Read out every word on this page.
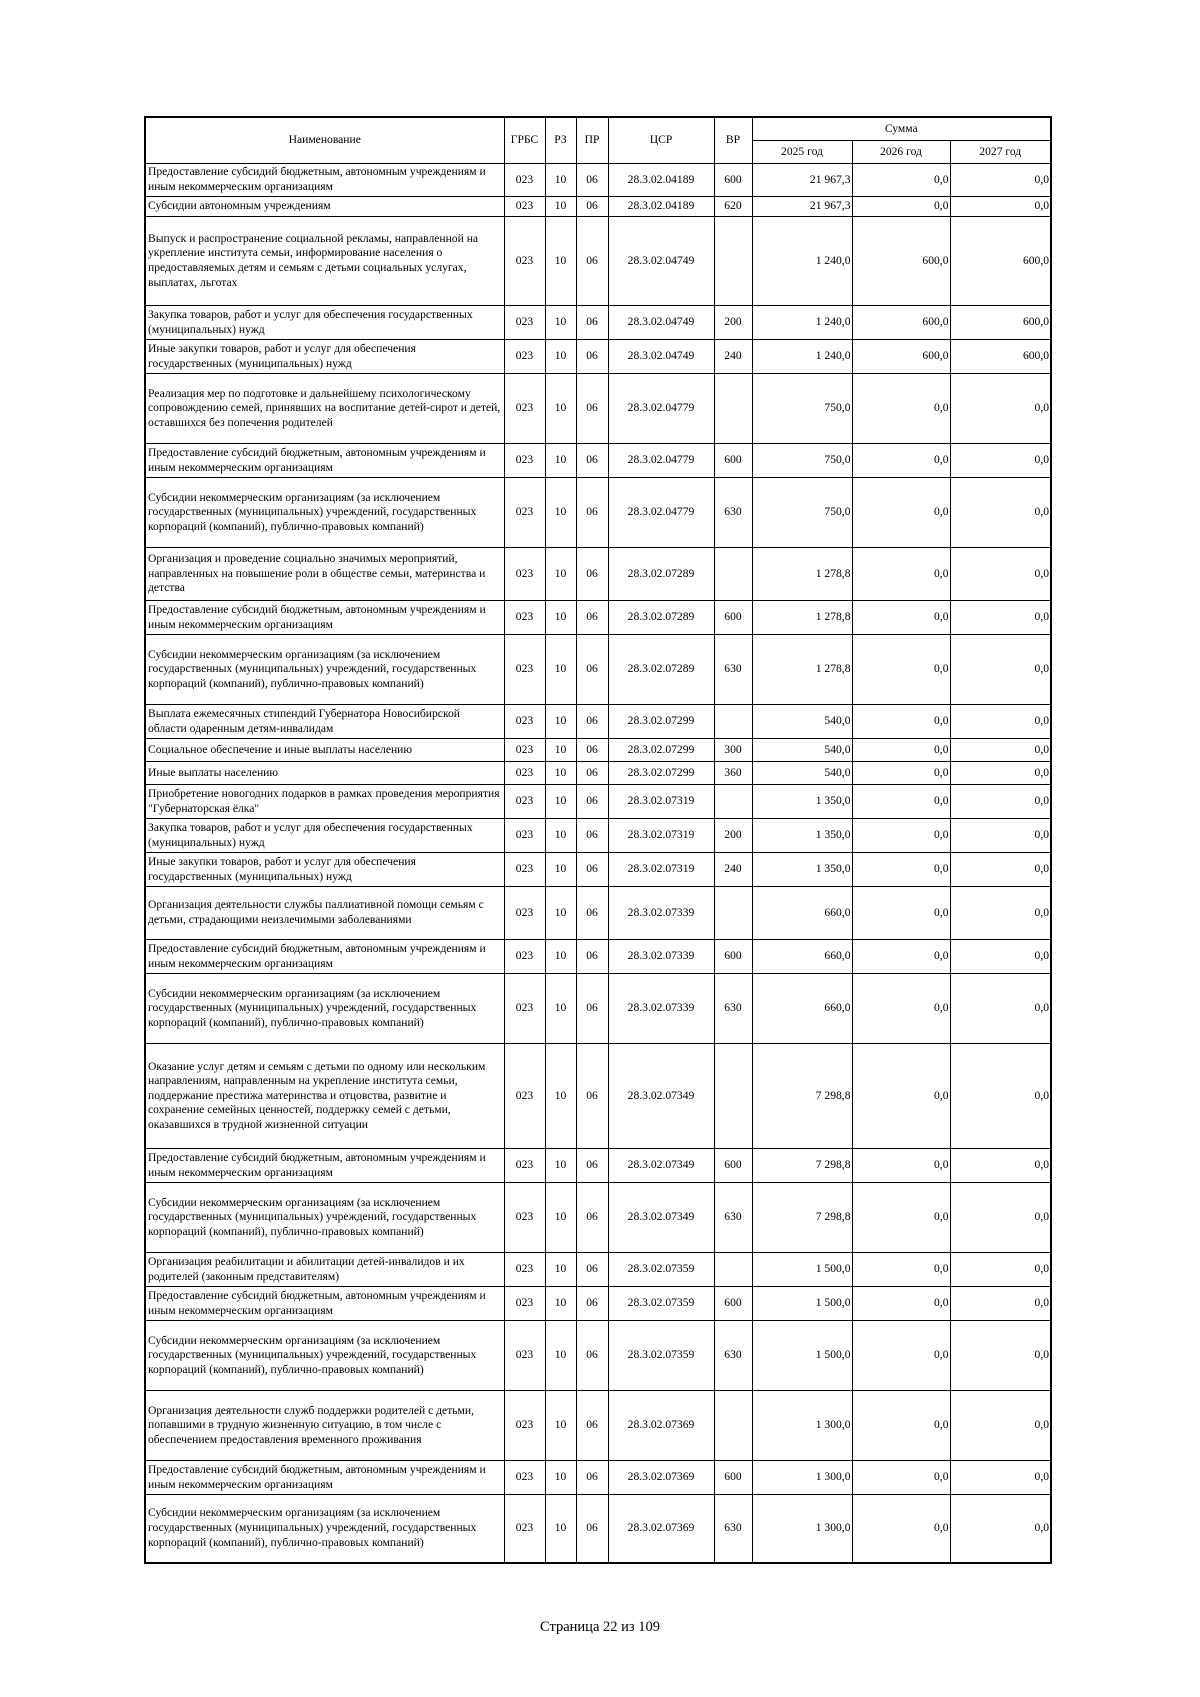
Наименование	ГРБС	РЗ	ПР	ЦСР	ВР	Сумма		
						2025 год	2026 год	2027 год
Предоставление субсидий бюджетным, автономным учреждениям и иным некоммерческим организациям	023	10	06	28.3.02.04189	600	21 967,3	0,0	0,0
Субсидии автономным учреждениям	023	10	06	28.3.02.04189	620	21 967,3	0,0	0,0
Выпуск и распространение социальной рекламы, направленной на укрепление института семьи, информирование населения о предоставляемых детям и семьям с детьми социальных услугах, выплатах, льготах	023	10	06	28.3.02.04749		1 240,0	600,0	600,0
Закупка товаров, работ и услуг для обеспечения государственных (муниципальных) нужд	023	10	06	28.3.02.04749	200	1 240,0	600,0	600,0
Иные закупки товаров, работ и услуг для обеспечения государственных (муниципальных) нужд	023	10	06	28.3.02.04749	240	1 240,0	600,0	600,0
Реализация мер по подготовке и дальнейшему психологическому сопровождению семей, принявших на воспитание детей-сирот и детей, оставшихся без попечения родителей	023	10	06	28.3.02.04779		750,0	0,0	0,0
Предоставление субсидий бюджетным, автономным учреждениям и иным некоммерческим организациям	023	10	06	28.3.02.04779	600	750,0	0,0	0,0
Субсидии некоммерческим организациям (за исключением государственных (муниципальных) учреждений, государственных корпораций (компаний), публично-правовых компаний)	023	10	06	28.3.02.04779	630	750,0	0,0	0,0
Организация и проведение социально значимых мероприятий, направленных на повышение роли в обществе семьи, материнства и детства	023	10	06	28.3.02.07289		1 278,8	0,0	0,0
Предоставление субсидий бюджетным, автономным учреждениям и иным некоммерческим организациям	023	10	06	28.3.02.07289	600	1 278,8	0,0	0,0
Субсидии некоммерческим организациям (за исключением государственных (муниципальных) учреждений, государственных корпораций (компаний), публично-правовых компаний)	023	10	06	28.3.02.07289	630	1 278,8	0,0	0,0
Выплата ежемесячных стипендий Губернатора Новосибирской области одаренным детям-инвалидам	023	10	06	28.3.02.07299		540,0	0,0	0,0
Социальное обеспечение и иные выплаты населению	023	10	06	28.3.02.07299	300	540,0	0,0	0,0
Иные выплаты населению	023	10	06	28.3.02.07299	360	540,0	0,0	0,0
Приобретение новогодних подарков в рамках проведения мероприятия "Губернаторская ёлка"	023	10	06	28.3.02.07319		1 350,0	0,0	0,0
Закупка товаров, работ и услуг для обеспечения государственных (муниципальных) нужд	023	10	06	28.3.02.07319	200	1 350,0	0,0	0,0
Иные закупки товаров, работ и услуг для обеспечения государственных (муниципальных) нужд	023	10	06	28.3.02.07319	240	1 350,0	0,0	0,0
Организация деятельности службы паллиативной помощи семьям с детьми, страдающими неизлечимыми заболеваниями	023	10	06	28.3.02.07339		660,0	0,0	0,0
Предоставление субсидий бюджетным, автономным учреждениям и иным некоммерческим организациям	023	10	06	28.3.02.07339	600	660,0	0,0	0,0
Субсидии некоммерческим организациям (за исключением государственных (муниципальных) учреждений, государственных корпораций (компаний), публично-правовых компаний)	023	10	06	28.3.02.07339	630	660,0	0,0	0,0
Оказание услуг детям и семьям с детьми по одному или нескольким направлениям, направленным на укрепление института семьи, поддержание престижа материнства и отцовства, развитие и сохранение семейных ценностей, поддержку семей с детьми, оказавшихся в трудной жизненной ситуации	023	10	06	28.3.02.07349		7 298,8	0,0	0,0
Предоставление субсидий бюджетным, автономным учреждениям и иным некоммерческим организациям	023	10	06	28.3.02.07349	600	7 298,8	0,0	0,0
Субсидии некоммерческим организациям (за исключением государственных (муниципальных) учреждений, государственных корпораций (компаний), публично-правовых компаний)	023	10	06	28.3.02.07349	630	7 298,8	0,0	0,0
Организация реабилитации и абилитации детей-инвалидов и их родителей (законным представителям)	023	10	06	28.3.02.07359		1 500,0	0,0	0,0
Предоставление субсидий бюджетным, автономным учреждениям и иным некоммерческим организациям	023	10	06	28.3.02.07359	600	1 500,0	0,0	0,0
Субсидии некоммерческим организациям (за исключением государственных (муниципальных) учреждений, государственных корпораций (компаний), публично-правовых компаний)	023	10	06	28.3.02.07359	630	1 500,0	0,0	0,0
Организация деятельности служб поддержки родителей с детьми, попавшими в трудную жизненную ситуацию, в том числе с обеспечением предоставления временного проживания	023	10	06	28.3.02.07369		1 300,0	0,0	0,0
Предоставление субсидий бюджетным, автономным учреждениям и иным некоммерческим организациям	023	10	06	28.3.02.07369	600	1 300,0	0,0	0,0
Субсидии некоммерческим организациям (за исключением государственных (муниципальных) учреждений, государственных корпораций (компаний), публично-правовых компаний)	023	10	06	28.3.02.07369	630	1 300,0	0,0	0,0
Страница 22 из 109
